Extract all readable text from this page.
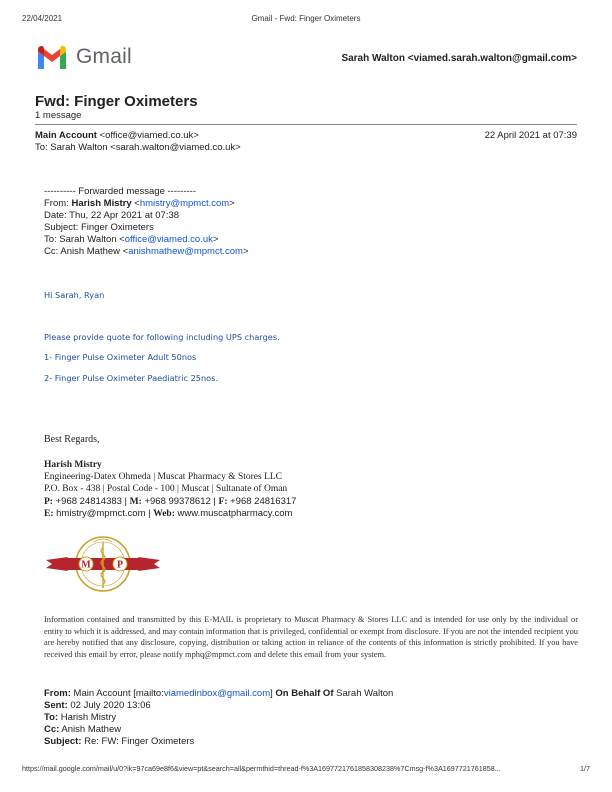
22/04/2021	Gmail - Fwd: Finger Oximeters
Gmail	Sarah Walton <viamed.sarah.walton@gmail.com>
Fwd: Finger Oximeters
1 message
Main Account <office@viamed.co.uk>	22 April 2021 at 07:39
To: Sarah Walton <sarah.walton@viamed.co.uk>
---------- Forwarded message ---------
From: Harish Mistry <hmistry@mpmct.com>
Date: Thu, 22 Apr 2021 at 07:38
Subject: Finger Oximeters
To: Sarah Walton <office@viamed.co.uk>
Cc: Anish Mathew <anishmathew@mpmct.com>
Hi Sarah, Ryan
Please provide quote for following including UPS charges.
1- Finger Pulse Oximeter Adult 50nos
2- Finger Pulse Oximeter Paediatric 25nos.
Best Regards,
Harish Mistry
Engineering-Datex Ohmeda | Muscat Pharmacy & Stores LLC
P.O. Box - 438 | Postal Code - 100 | Muscat | Sultanate of Oman
P: +968 24814383 | M: +968 99378612 | F: +968 24816317
E: hmistry@mpmct.com | Web: www.muscatpharmacy.com
M	P
Information contained and transmitted by this E-MAIL is proprietary to Muscat Pharmacy & Stores LLC and is intended for use only by the individual or entity to which it is addressed, and may contain information that is privileged, confidential or exempt from disclosure. If you are not the intended recipient you are hereby notified that any disclosure, copying, distribution or taking action in reliance of the contents of this information is strictly prohibited. If you have received this email by error, please notify mphq@mpmct.com and delete this email from your system.
From: Main Account [mailto:viamedinbox@gmail.com] On Behalf Of Sarah Walton
Sent: 02 July 2020 13:06
To: Harish Mistry
Cc: Anish Mathew
Subject: Re: FW: Finger Oximeters
https://mail.google.com/mail/u/0?ik=97ca69e8f6&view=pt&search=all&permthid=thread-f%3A1697721761858308238%7Cmsg-f%3A1697721761858...	1/7
